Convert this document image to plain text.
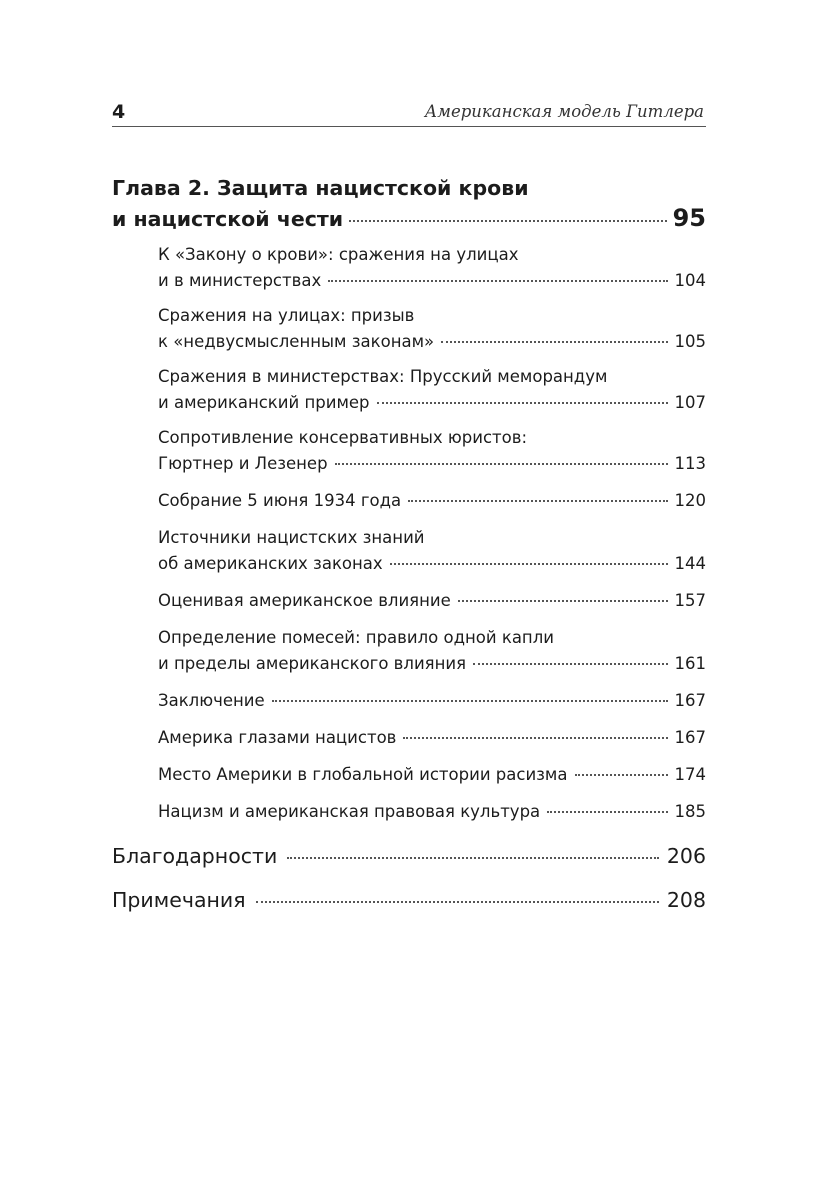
4	Американская модель Гитлера
Глава 2. Защита нацистской крови
и нацистской чести	95
К «Закону о крови»: сражения на улицах
и в министерствах	104
Сражения на улицах: призыв
к «недвусмысленным законам»	105
Сражения в министерствах: Прусский меморандум
и американский пример	107
Сопротивление консервативных юристов:
Гюртнер и Лезенер	113
Собрание 5 июня 1934 года	120
Источники нацистских знаний
об американских законах	144
Оценивая американское влияние	157
Определение помесей: правило одной капли
и пределы американского влияния	161
Заключение	167
Америка глазами нацистов	167
Место Америки в глобальной истории расизма	174
Нацизм и американская правовая культура	185
Благодарности	206
Примечания	208
